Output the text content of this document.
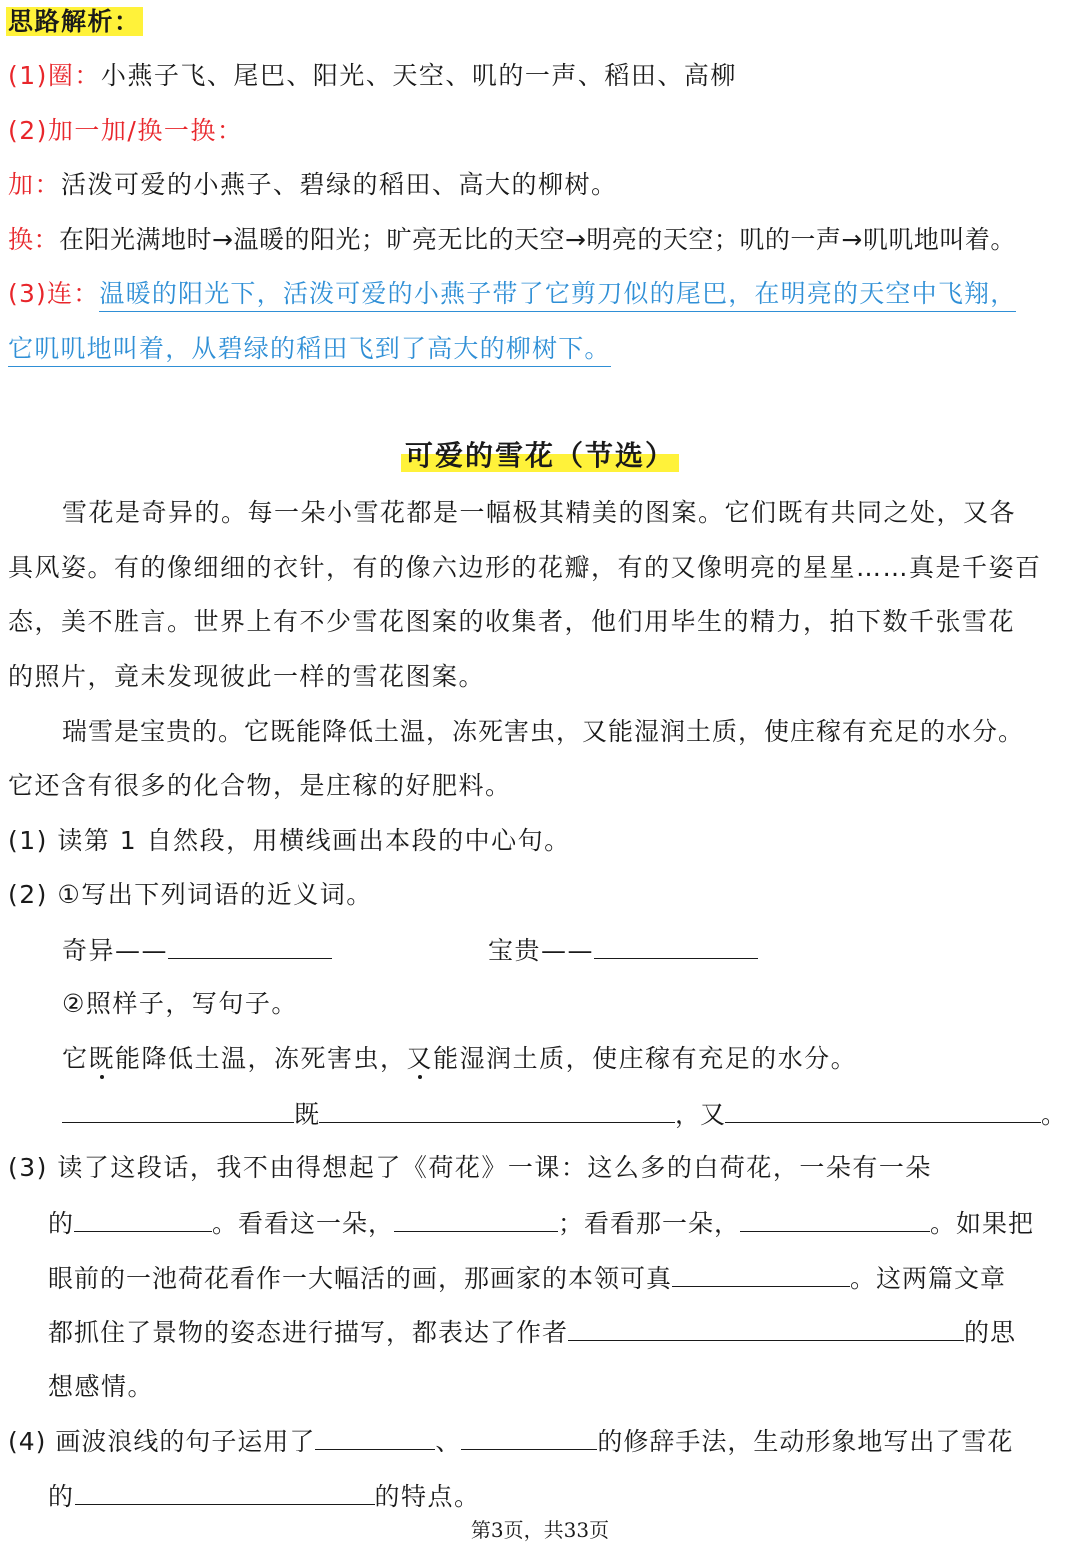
思路解析：
(1)圈：小燕子飞、尾巴、阳光、天空、叽的一声、稻田、高柳
(2)加一加/换一换：
加：活泼可爱的小燕子、碧绿的稻田、高大的柳树。
换：在阳光满地时→温暖的阳光；旷亮无比的天空→明亮的天空；叽的一声→叽叽地叫着。
(3)连：温暖的阳光下，活泼可爱的小燕子带了它剪刀似的尾巴，在明亮的天空中飞翔，
它叽叽地叫着，从碧绿的稻田飞到了高大的柳树下。
可爱的雪花（节选）
雪花是奇异的。每一朵小雪花都是一幅极其精美的图案。它们既有共同之处，又各
具风姿。有的像细细的衣针，有的像六边形的花瓣，有的又像明亮的星星……真是千姿百
态，美不胜言。世界上有不少雪花图案的收集者，他们用毕生的精力，拍下数千张雪花
的照片，竟未发现彼此一样的雪花图案。
瑞雪是宝贵的。它既能降低土温，冻死害虫，又能湿润土质，使庄稼有充足的水分。
它还含有很多的化合物，是庄稼的好肥料。
(1) 读第 1 自然段，用横线画出本段的中心句。
(2) ①写出下列词语的近义词。
奇异——	宝贵——
②照样子，写句子。
它既能降低土温，冻死害虫，又能湿润土质，使庄稼有充足的水分。
既	，又	。
(3) 读了这段话，我不由得想起了《荷花》一课：这么多的白荷花，一朵有一朵
的	。看看这一朵，	；看看那一朵，	。如果把
眼前的一池荷花看作一大幅活的画，那画家的本领可真	。这两篇文章
都抓住了景物的姿态进行描写，都表达了作者	的思
想感情。
(4) 画波浪线的句子运用了	、	的修辞手法，生动形象地写出了雪花
的	的特点。
第3页，共33页
